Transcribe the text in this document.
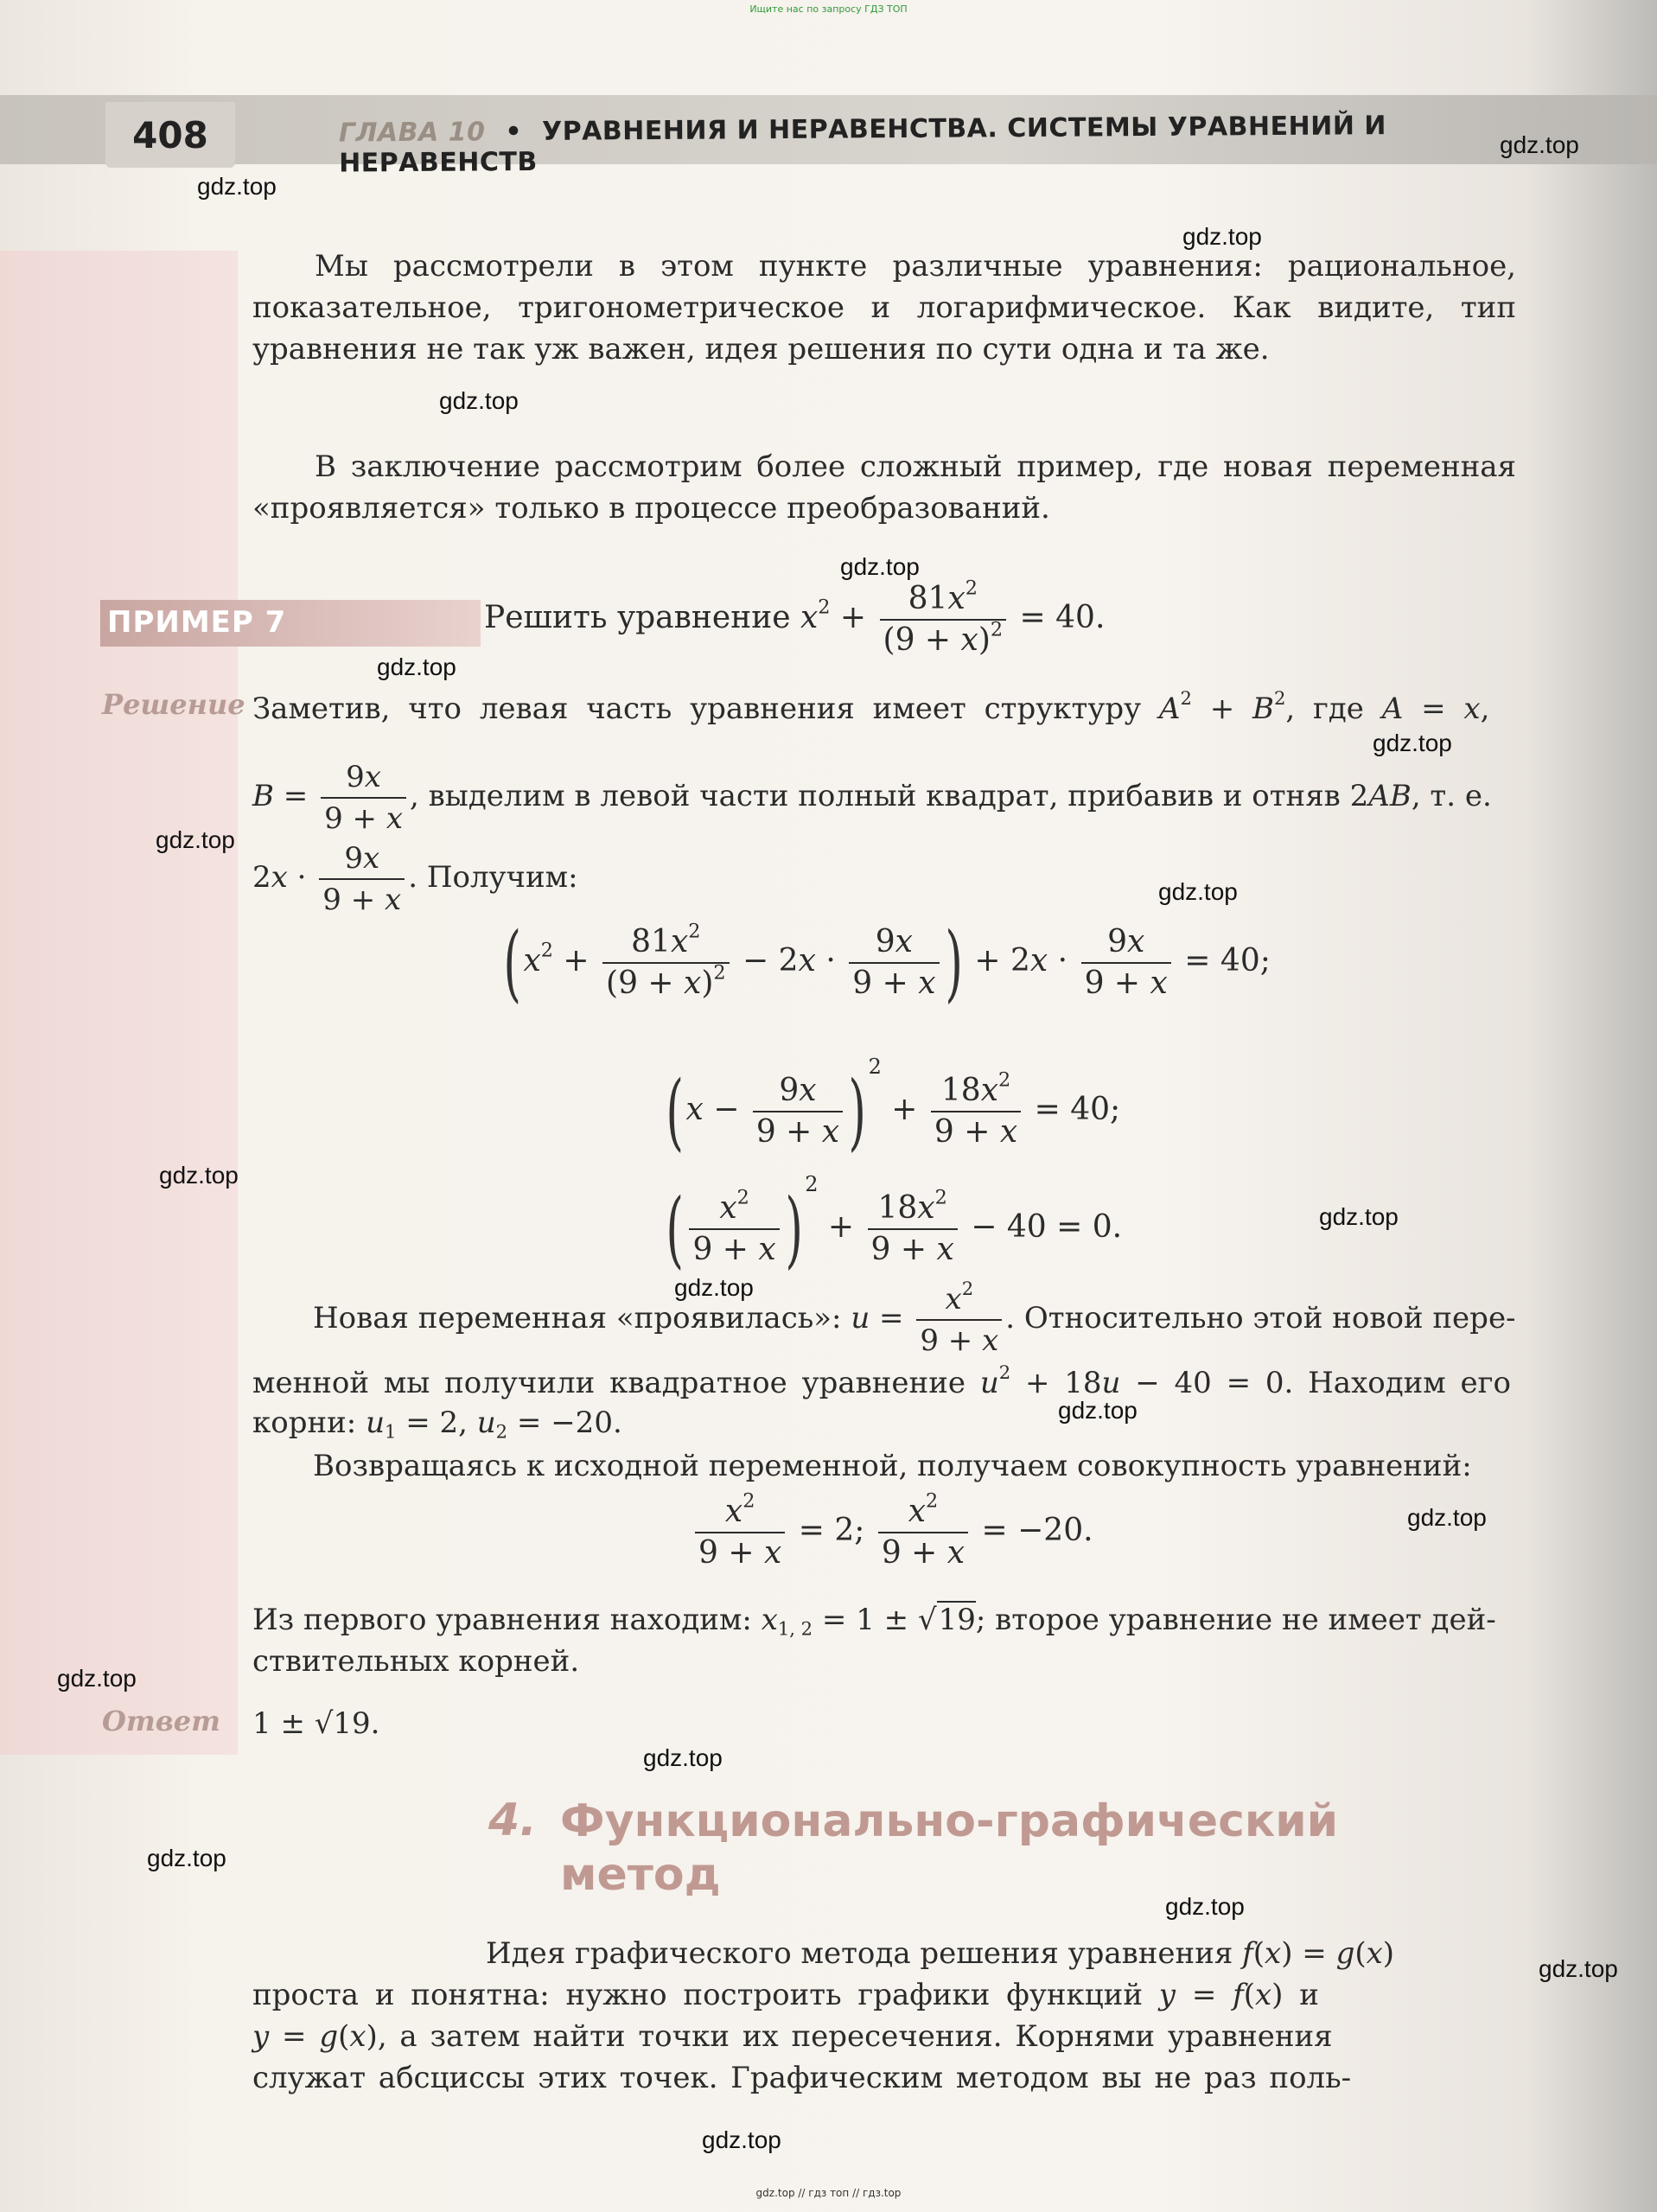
Ищите нас по запросу ГДЗ ТОП
408	ГЛАВА 10 • УРАВНЕНИЯ И НЕРАВЕНСТВА. СИСТЕМЫ УРАВНЕНИЙ И НЕРАВЕНСТВ
gdz.top
gdz.top
gdz.top
gdz.top
gdz.top
gdz.top
gdz.top
gdz.top
gdz.top
gdz.top
gdz.top
gdz.top
gdz.top
gdz.top
gdz.top
gdz.top
gdz.top
gdz.top
gdz.top
gdz.top
Мы рассмотрели в этом пункте различные уравнения: рациональное, показательное, тригонометрическое и логарифмическое. Как видите, тип уравнения не так уж важен, идея решения по сути одна и та же.
В заключение рассмотрим более сложный пример, где новая переменная «проявляется» только в процессе преобразований.
ПРИМЕР 7	Решить уравнение $x^2 + \frac{81x^2}{(9 + x)^2} = 40$.
Решение Заметив, что левая часть уравнения имеет структуру $A^2 + B^2$, где A = x,
$B = \frac{9x}{9 + x}$ , выделим в левой части полный квадрат, прибавив и отняв 2AB, т. е.
$2x \cdot \frac{9x}{9 + x}$ . Получим:
($x^2 + \frac{81x^2}{(9 + x)^2} - 2x \cdot \frac{9x}{9 + x}$ ) + $2x \cdot \frac{9x}{9 + x} = 40$;
($x - \frac{9x}{9 + x}$ ) $^2 + \frac{18x^2}{9 + x} = 40$;
( $\frac{x^2}{9 + x}$ ) $^2 + \frac{18x^2}{9 + x} - 40 = 0$.
Новая переменная «проявилась»: $u = \frac{x^2}{9 + x}$ . Относительно этой новой пере-
менной мы получили квадратное уравнение $u^2 + 18u - 40 = 0$. Находим его
корни: $u_1 = 2$, $u_2 = -20$.
Возвращаясь к исходной переменной, получаем совокупность уравнений:
$\frac{x^2}{9 + x} = 2$; $\frac{x^2}{9 + x} = -20$.
Из первого уравнения находим: $x_{1, 2} = 1 \pm √19$; второе уравнение не имеет дей-
ствительных корней.
Ответ 1 ± √19.
4. Функционально-графический метод
Идея графического метода решения уравнения f(x) = g(x)
проста и понятна: нужно построить графики функций y = f(x) и
y = g(x), а затем найти точки их пересечения. Корнями уравнения
служат абсциссы этих точек. Графическим методом вы не раз поль-
gdz.top // гдз топ // гдз.top
